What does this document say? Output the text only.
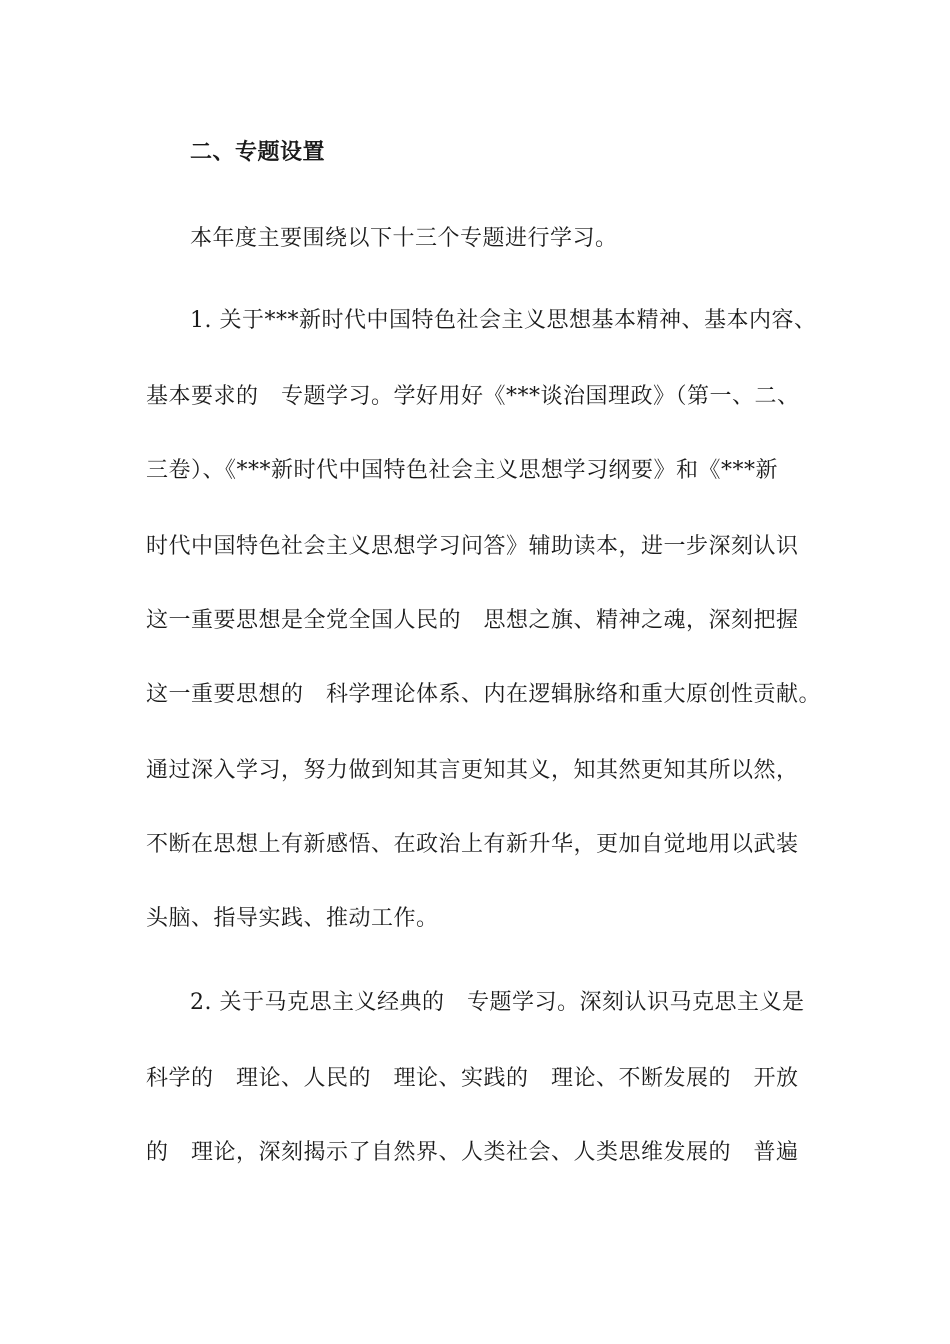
二、专题设置
本年度主要围绕以下十三个专题进行学习。
1. 关于***新时代中国特色社会主义思想基本精神、基本内容、
基本要求的　专题学习。学好用好《***谈治国理政》（第一、二、
三卷）、《***新时代中国特色社会主义思想学习纲要》和《***新
时代中国特色社会主义思想学习问答》辅助读本，进一步深刻认识
这一重要思想是全党全国人民的　思想之旗、精神之魂，深刻把握
这一重要思想的　科学理论体系、内在逻辑脉络和重大原创性贡献。
通过深入学习，努力做到知其言更知其义，知其然更知其所以然，
不断在思想上有新感悟、在政治上有新升华，更加自觉地用以武装
头脑、指导实践、推动工作。
2. 关于马克思主义经典的　专题学习。深刻认识马克思主义是
科学的　理论、人民的　理论、实践的　理论、不断发展的　开放
的　理论，深刻揭示了自然界、人类社会、人类思维发展的　普遍
